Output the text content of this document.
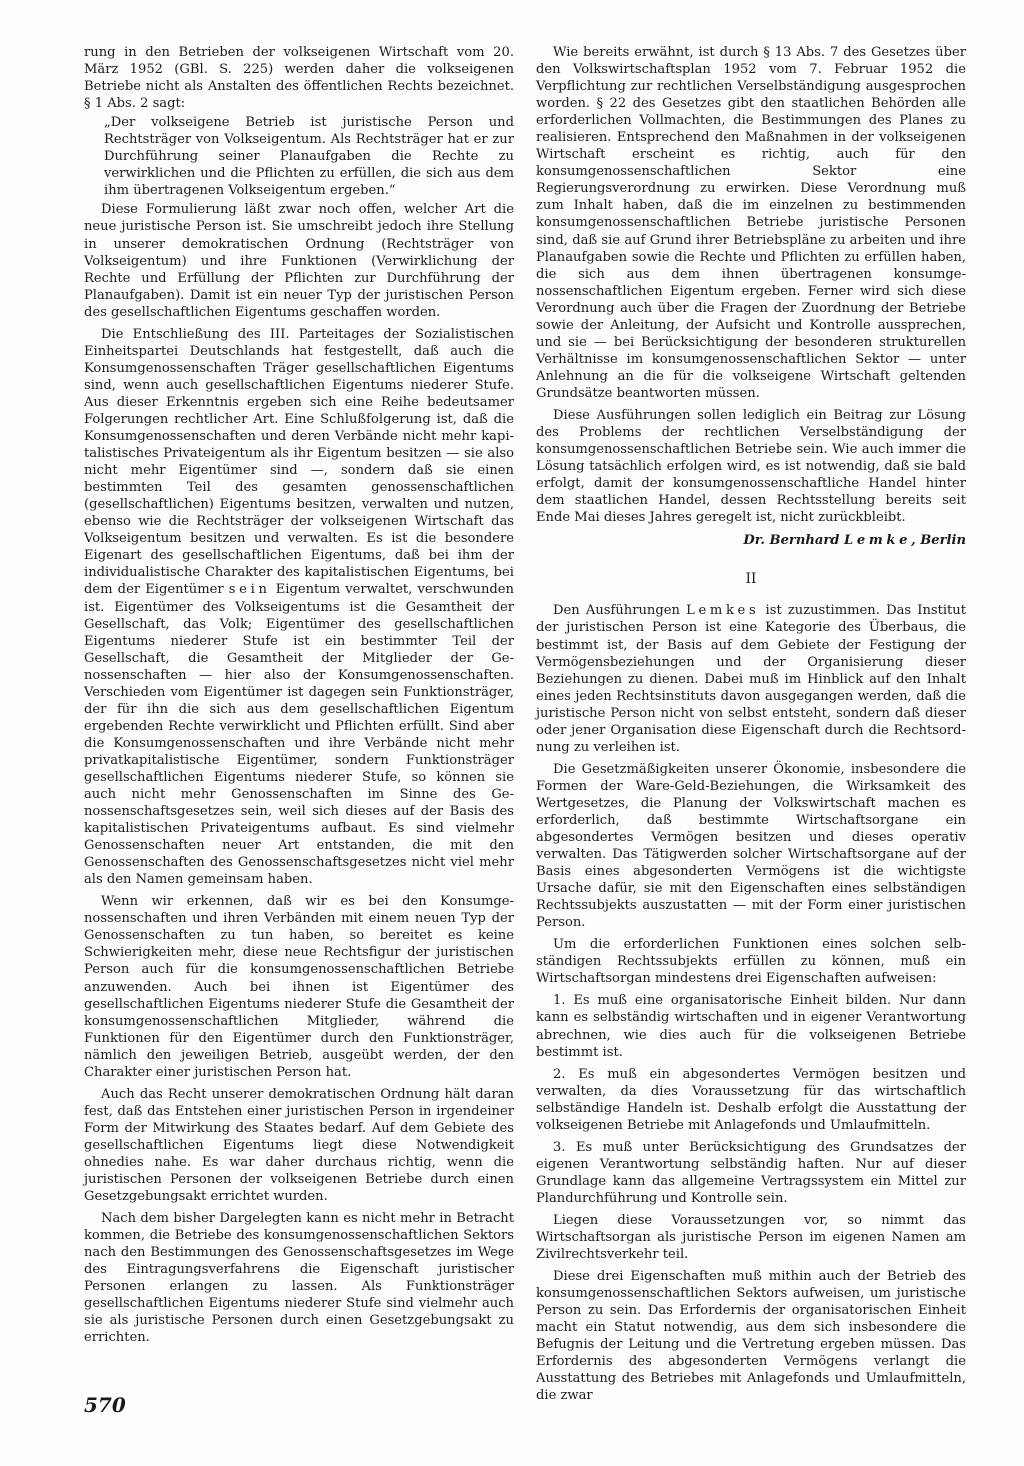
rung in den Betrieben der volkseigenen Wirtschaft vom 20. März 1952 (GBl. S. 225) werden daher die volkseigenen Betriebe nicht als Anstalten des öffentlichen Rechts bezeichnet. § 1 Abs. 2 sagt:

„Der volkseigene Betrieb ist juristische Person und Rechtsträger von Volkseigentum. Als Rechtsträger hat er zur Durchführung seiner Planaufgaben die Rechte zu verwirklichen und die Pflichten zu erfüllen, die sich aus dem ihm übertragenen Volkseigentum ergeben.“

Diese Formulierung läßt zwar noch offen, welcher Art die neue juristische Person ist. Sie umschreibt jedoch ihre Stellung in unserer demokratischen Ordnung (Rechtsträger von Volkseigentum) und ihre Funktionen (Verwirklichung der Rechte und Erfüllung der Pflichten zur Durchführung der Planaufgaben). Damit ist ein neuer Typ der juristischen Person des gesellschaftlichen Eigentums geschaffen worden.

Die Entschließung des III. Parteitages der Sozialistischen Einheitspartei Deutschlands hat festgestellt, daß auch die Konsumgenossenschaften Träger gesellschaftlichen Eigentums sind, wenn auch gesellschaftlichen Eigentums niederer Stufe. Aus dieser Erkenntnis ergeben sich eine Reihe bedeutsamer Folgerungen rechtlicher Art. Eine Schlußfolgerung ist, daß die Konsumgenossenschaften und deren Verbände nicht mehr kapitalistisches Privateigentum als ihr Eigentum besitzen — sie also nicht mehr Eigentümer sind —, sondern daß sie einen bestimmten Teil des gesamten genossenschaftlichen (gesellschaftlichen) Eigentums besitzen, verwalten und nutzen, ebenso wie die Rechtsträger der volkseigenen Wirtschaft das Volkseigentum besitzen und verwalten. Es ist die besondere Eigenart des gesellschaftlichen Eigentums, daß bei ihm der individualistische Charakter des kapitalistischen Eigentums, bei dem der Eigentümer sein Eigentum verwaltet, verschwunden ist. Eigentümer des Volkseigentums ist die Gesamtheit der Gesellschaft, das Volk; Eigentümer des gesellschaftlichen Eigentums niederer Stufe ist ein bestimmter Teil der Gesellschaft, die Gesamtheit der Mitglieder der Genossenschaften — hier also der Konsumgenossenschaften. Verschieden vom Eigentümer ist dagegen sein Funktionsträger, der für ihn die sich aus dem gesellschaftlichen Eigentum ergebenden Rechte verwirklicht und Pflichten erfüllt. Sind aber die Konsumgenossenschaften und ihre Verbände nicht mehr privatkapitalistische Eigentümer, sondern Funktionsträger gesellschaftlichen Eigentums niederer Stufe, so können sie auch nicht mehr Genossenschaften im Sinne des Genossenschaftsgesetzes sein, weil sich dieses auf der Basis des kapitalistischen Privateigentums aufbaut. Es sind vielmehr Genossenschaften neuer Art entstanden, die mit den Genossenschaften des Genossenschaftsgesetzes nicht viel mehr als den Namen gemeinsam haben.

Wenn wir erkennen, daß wir es bei den Konsumgenossenschaften und ihren Verbänden mit einem neuen Typ der Genossenschaften zu tun haben, so bereitet es keine Schwierigkeiten mehr, diese neue Rechtsfigur der juristischen Person auch für die konsumgenossenschaftlichen Betriebe anzuwenden. Auch bei ihnen ist Eigentümer des gesellschaftlichen Eigentums niederer Stufe die Gesamtheit der konsumgenossenschaftlichen Mitglieder, während die Funktionen für den Eigentümer durch den Funktionsträger, nämlich den jeweiligen Betrieb, ausgeübt werden, der den Charakter einer juristischen Person hat.

Auch das Recht unserer demokratischen Ordnung hält daran fest, daß das Entstehen einer juristischen Person in irgendeiner Form der Mitwirkung des Staates bedarf. Auf dem Gebiete des gesellschaftlichen Eigentums liegt diese Notwendigkeit ohnedies nahe. Es war daher durchaus richtig, wenn die juristischen Personen der volkseigenen Betriebe durch einen Gesetzgebungsakt errichtet wurden.

Nach dem bisher Dargelegten kann es nicht mehr in Betracht kommen, die Betriebe des konsumgenossenschaftlichen Sektors nach den Bestimmungen des Genossenschaftsgesetzes im Wege des Eintragungsverfahrens die Eigenschaft juristischer Personen erlangen zu lassen. Als Funktionsträger gesellschaftlichen Eigentums niederer Stufe sind vielmehr auch sie als juristische Personen durch einen Gesetzgebungsakt zu errichten.

Wie bereits erwähnt, ist durch § 13 Abs. 7 des Gesetzes über den Volkswirtschaftsplan 1952 vom 7. Februar 1952 die Verpflichtung zur rechtlichen Verselbständigung ausgesprochen worden. § 22 des Gesetzes gibt den staatlichen Behörden alle erforderlichen Vollmachten, die Bestimmungen des Planes zu realisieren. Entsprechend den Maßnahmen in der volkseigenen Wirtschaft erscheint es richtig, auch für den konsumgenossenschaftlichen Sektor eine Regierungsverordnung zu erwirken. Diese Verordnung muß zum Inhalt haben, daß die im einzelnen zu bestimmenden konsumgenossenschaftlichen Betriebe juristische Personen sind, daß sie auf Grund ihrer Betriebspläne zu arbeiten und ihre Planaufgaben sowie die Rechte und Pflichten zu erfüllen haben, die sich aus dem ihnen übertragenen konsumgenossenschaftlichen Eigentum ergeben. Ferner wird sich diese Verordnung auch über die Fragen der Zuordnung der Betriebe sowie der Anleitung, der Aufsicht und Kontrolle aussprechen, und sie — bei Berücksichtigung der besonderen strukturellen Verhältnisse im konsumgenossenschaftlichen Sektor — unter Anlehnung an die für die volkseigene Wirtschaft geltenden Grundsätze beantworten müssen.

Diese Ausführungen sollen lediglich ein Beitrag zur Lösung des Problems der rechtlichen Verselbständigung der konsumgenossenschaftlichen Betriebe sein. Wie auch immer die Lösung tatsächlich erfolgen wird, es ist notwendig, daß sie bald erfolgt, damit der konsumgenossenschaftliche Handel hinter dem staatlichen Handel, dessen Rechtsstellung bereits seit Ende Mai dieses Jahres geregelt ist, nicht zurückbleibt.

Dr. Bernhard Lemke, Berlin

II

Den Ausführungen Lemkes ist zuzustimmen. Das Institut der juristischen Person ist eine Kategorie des Überbaus, die bestimmt ist, der Basis auf dem Gebiete der Festigung der Vermögensbeziehungen und der Organisierung dieser Beziehungen zu dienen. Dabei muß im Hinblick auf den Inhalt eines jeden Rechtsinstituts davon ausgegangen werden, daß die juristische Person nicht von selbst entsteht, sondern daß dieser oder jener Organisation diese Eigenschaft durch die Rechtsordnung zu verleihen ist.

Die Gesetzmäßigkeiten unserer Ökonomie, insbesondere die Formen der Ware-Geld-Beziehungen, die Wirksamkeit des Wertgesetzes, die Planung der Volkswirtschaft machen es erforderlich, daß bestimmte Wirtschaftsorgane ein abgesondertes Vermögen besitzen und dieses operativ verwalten. Das Tätigwerden solcher Wirtschaftsorgane auf der Basis eines abgesonderten Vermögens ist die wichtigste Ursache dafür, sie mit den Eigenschaften eines selbständigen Rechtssubjekts auszustatten — mit der Form einer juristischen Person.

Um die erforderlichen Funktionen eines solchen selbständigen Rechtssubjekts erfüllen zu können, muß ein Wirtschaftsorgan mindestens drei Eigenschaften aufweisen:

1. Es muß eine organisatorische Einheit bilden. Nur dann kann es selbständig wirtschaften und in eigener Verantwortung abrechnen, wie dies auch für die volkseigenen Betriebe bestimmt ist.

2. Es muß ein abgesondertes Vermögen besitzen und verwalten, da dies Voraussetzung für das wirtschaftlich selbständige Handeln ist. Deshalb erfolgt die Ausstattung der volkseigenen Betriebe mit Anlagefonds und Umlaufmitteln.

3. Es muß unter Berücksichtigung des Grundsatzes der eigenen Verantwortung selbständig haften. Nur auf dieser Grundlage kann das allgemeine Vertragssystem ein Mittel zur Plandurchführung und Kontrolle sein.

Liegen diese Voraussetzungen vor, so nimmt das Wirtschaftsorgan als juristische Person im eigenen Namen am Zivilrechtsverkehr teil.

Diese drei Eigenschaften muß mithin auch der Betrieb des konsumgenossenschaftlichen Sektors aufweisen, um juristische Person zu sein. Das Erfordernis der organisatorischen Einheit macht ein Statut notwendig, aus dem sich insbesondere die Befugnis der Leitung und die Vertretung ergeben müssen. Das Erfordernis des abgesonderten Vermögens verlangt die Ausstattung des Betriebes mit Anlagefonds und Umlaufmitteln, die zwar

570
